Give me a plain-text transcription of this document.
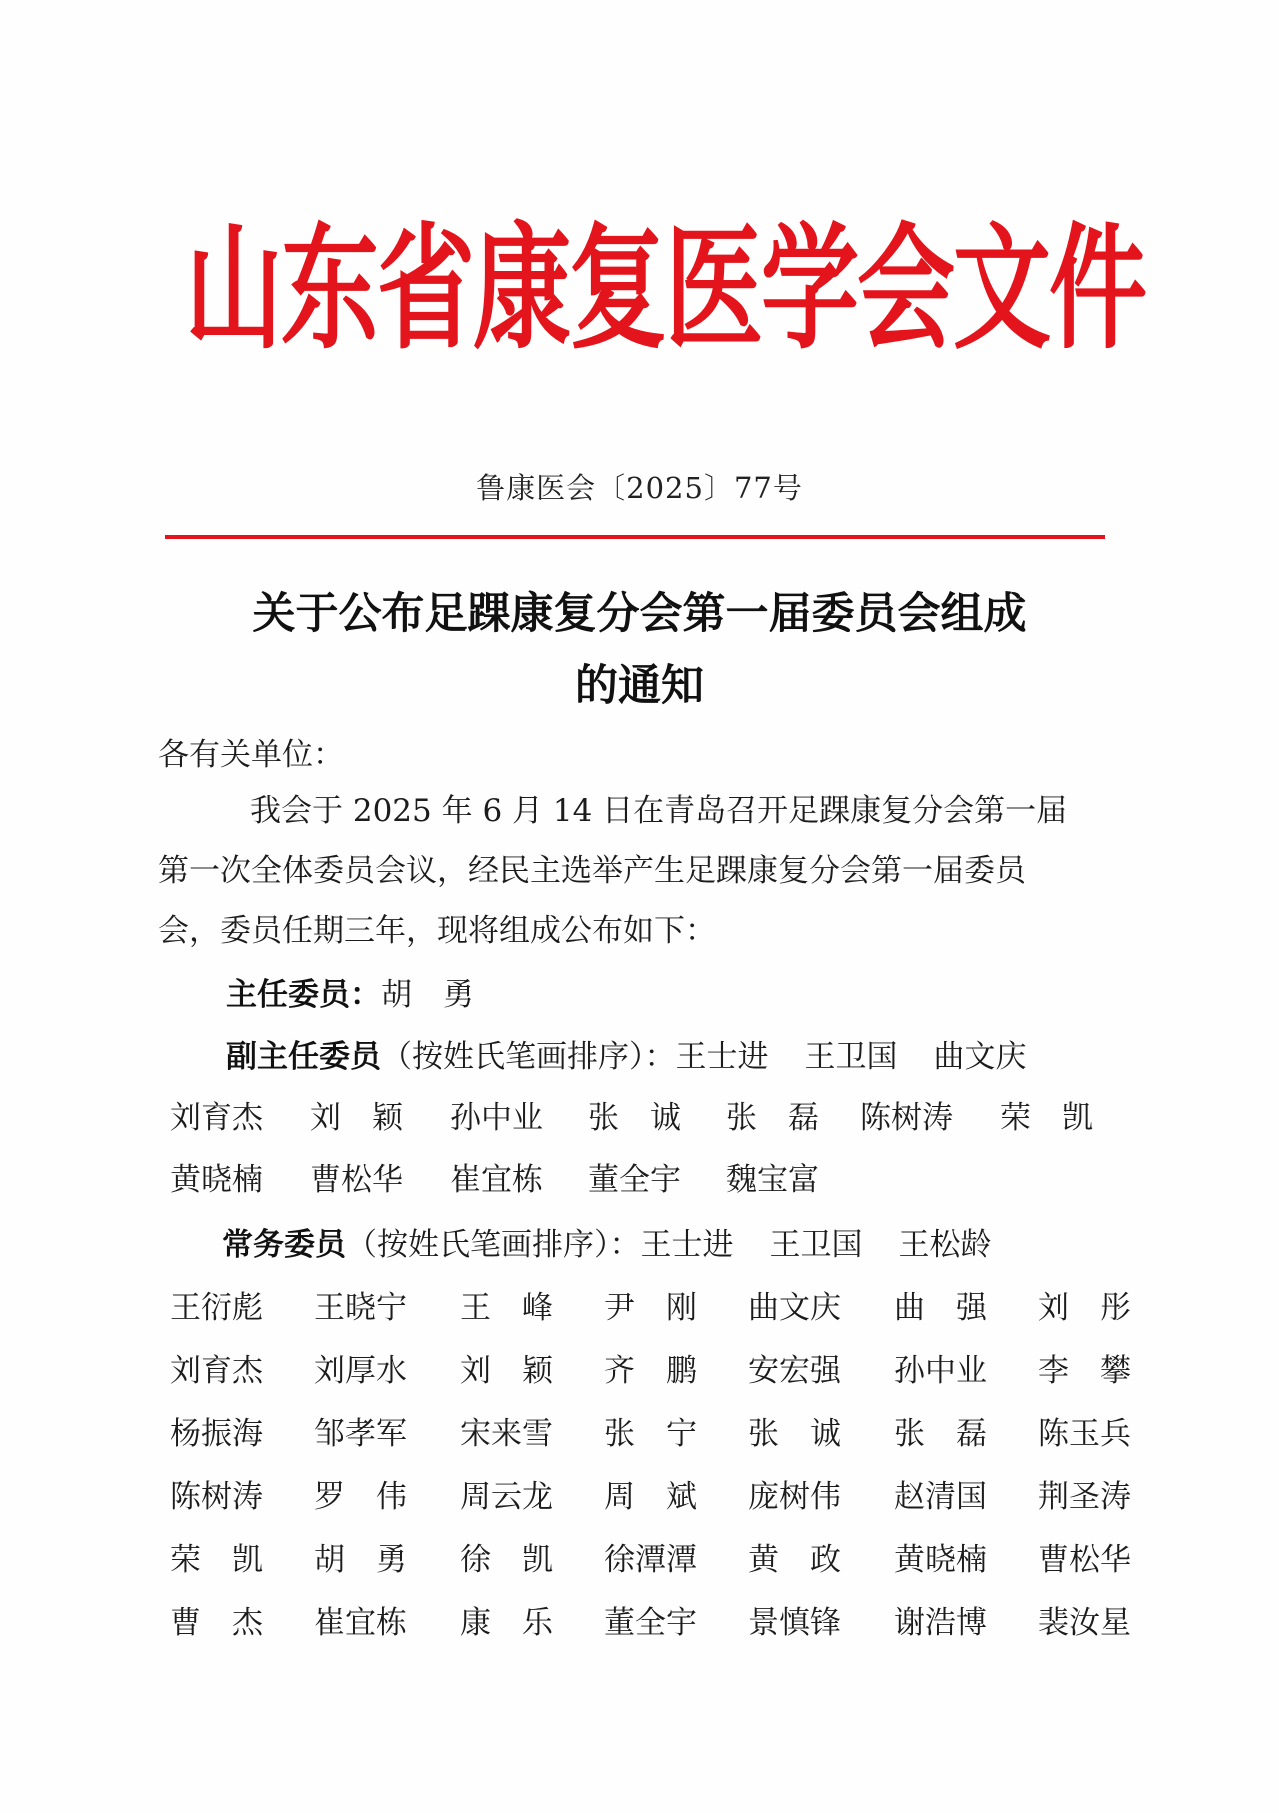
山东省康复医学会文件
鲁康医会〔2025〕77号
关于公布足踝康复分会第一届委员会组成
的通知
各有关单位：
我会于 2025 年 6 月 14 日在青岛召开足踝康复分会第一届
第一次全体委员会议，经民主选举产生足踝康复分会第一届委员
会，委员任期三年，现将组成公布如下：
主任委员：胡　勇
副主任委员（按姓氏笔画排序）：王士进 王卫国 曲文庆
刘育杰 刘　颖 孙中业 张　诚 张　磊 陈树涛 荣　凯
黄晓楠 曹松华 崔宜栋 董全宇 魏宝富
常务委员（按姓氏笔画排序）：王士进 王卫国 王松龄
王衍彪 王晓宁 王　峰 尹　刚 曲文庆 曲　强 刘　彤
刘育杰 刘厚水 刘　颖 齐　鹏 安宏强 孙中业 李　攀
杨振海 邹孝军 宋来雪 张　宁 张　诚 张　磊 陈玉兵
陈树涛 罗　伟 周云龙 周　斌 庞树伟 赵清国 荆圣涛
荣　凯 胡　勇 徐　凯 徐潭潭 黄　政 黄晓楠 曹松华
曹　杰 崔宜栋 康　乐 董全宇 景慎锋 谢浩博 裴汝星
